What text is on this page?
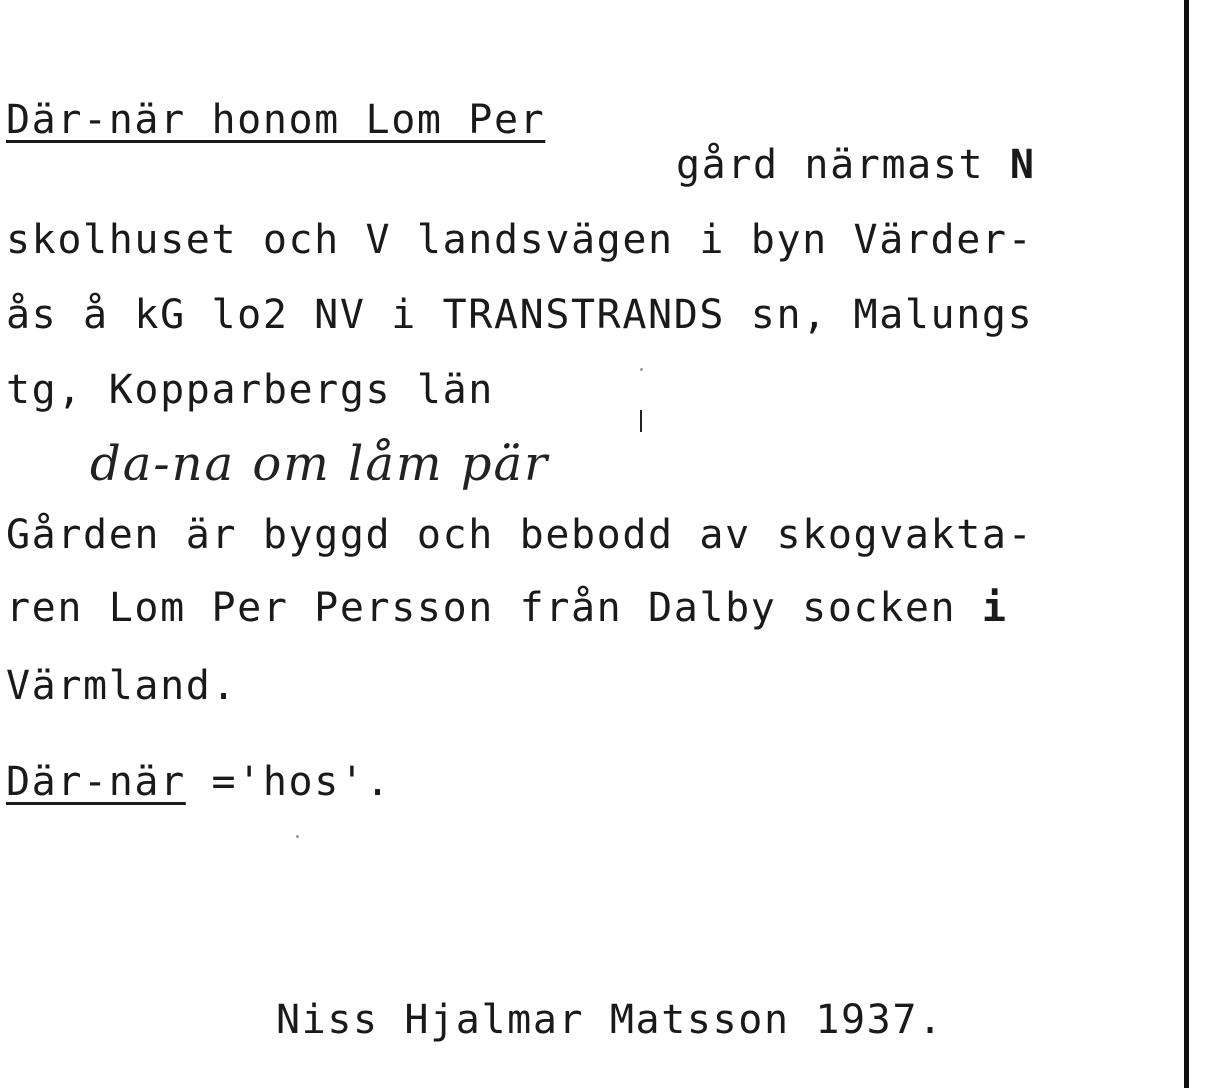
Där-när honom Lom Per
gård närmast N
skolhuset och V landsvägen i byn Värder-
ås å kG lo2 NV i TRANSTRANDS sn, Malungs
tg, Kopparbergs län
da-na om låm pär
Gården är byggd och bebodd av skogvakta-
ren Lom Per Persson från Dalby socken i
Värmland.
Där-när ='hos'.
Niss Hjalmar Matsson 1937.
